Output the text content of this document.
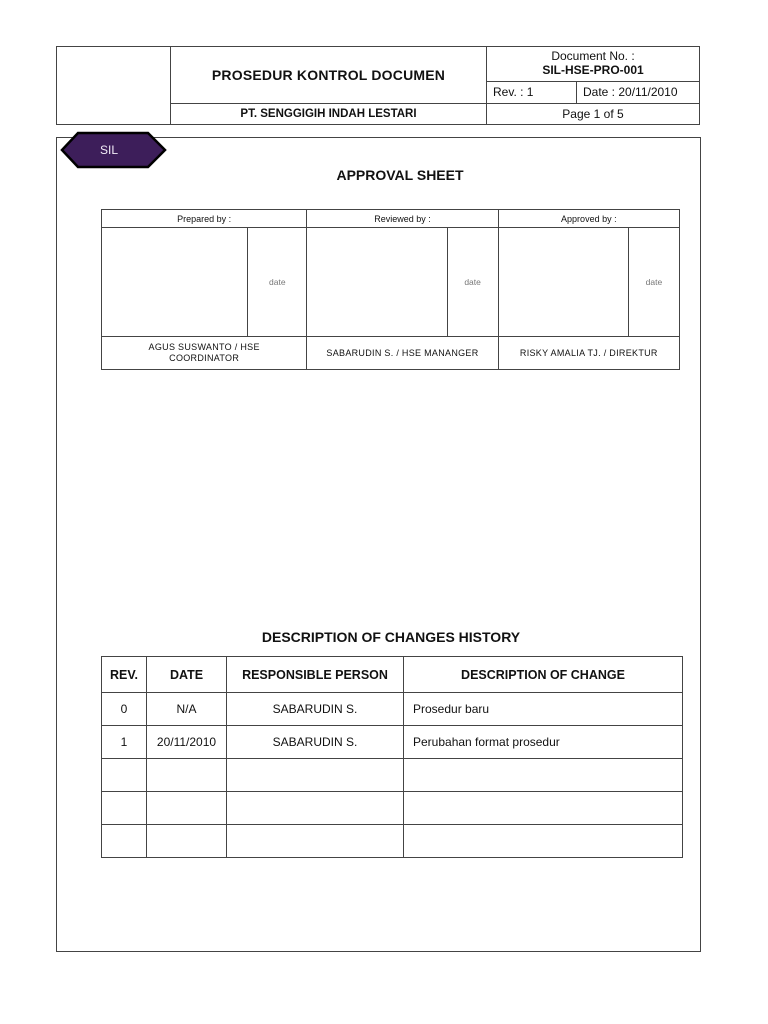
PROSEDUR KONTROL DOCUMEN
PT. SENGGIGIH INDAH LESTARI
Document No. :
SIL-HSE-PRO-001
Rev. : 1	Date : 20/11/2010
Page 1 of 5
SIL
APPROVAL SHEET
Prepared by :		Reviewed by :		Approved by :	
	date		date		date

AGUS SUSWANTO / HSE COORDINATOR		SABARUDIN S. / HSE MANANGER		RISKY AMALIA TJ. / DIREKTUR	
DESCRIPTION OF CHANGES HISTORY
REV.	DATE	RESPONSIBLE PERSON	DESCRIPTION OF CHANGE
0	N/A	SABARUDIN S.	Prosedur baru
1	20/11/2010	SABARUDIN S.	Perubahan format prosedur
